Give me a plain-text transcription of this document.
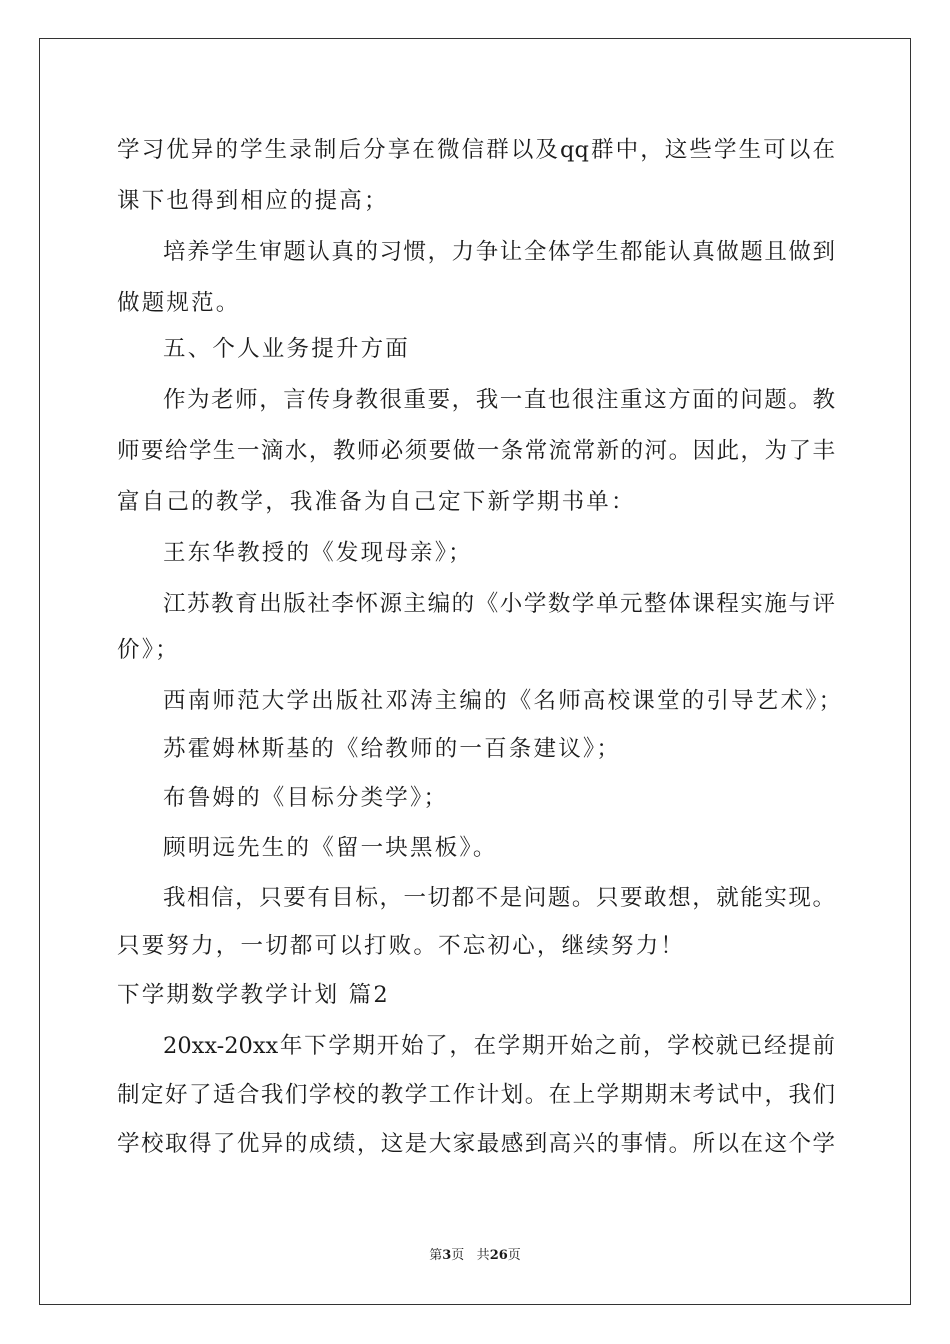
学习优异的学生录制后分享在微信群以及qq群中，这些学生可以在
课下也得到相应的提高；
培养学生审题认真的习惯，力争让全体学生都能认真做题且做到
做题规范。
五、个人业务提升方面
作为老师，言传身教很重要，我一直也很注重这方面的问题。教
师要给学生一滴水，教师必须要做一条常流常新的河。因此，为了丰
富自己的教学，我准备为自己定下新学期书单：
王东华教授的《发现母亲》；
江苏教育出版社李怀源主编的《小学数学单元整体课程实施与评
价》；
西南师范大学出版社邓涛主编的《名师高校课堂的引导艺术》；
苏霍姆林斯基的《给教师的一百条建议》；
布鲁姆的《目标分类学》；
顾明远先生的《留一块黑板》。
我相信，只要有目标，一切都不是问题。只要敢想，就能实现。
只要努力，一切都可以打败。不忘初心，继续努力！
下学期数学教学计划 篇2
20xx-20xx年下学期开始了，在学期开始之前，学校就已经提前
制定好了适合我们学校的教学工作计划。在上学期期末考试中，我们
学校取得了优异的成绩，这是大家最感到高兴的事情。所以在这个学
第3页 共26页
